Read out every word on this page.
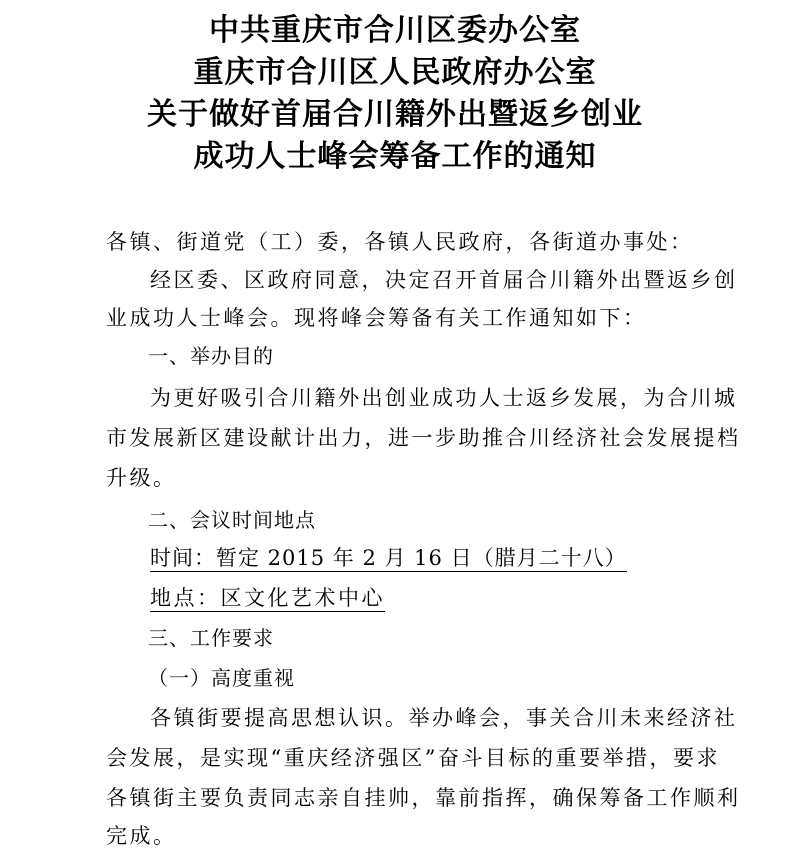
中共重庆市合川区委办公室
重庆市合川区人民政府办公室
关于做好首届合川籍外出暨返乡创业
成功人士峰会筹备工作的通知
各镇、街道党（工）委，各镇人民政府，各街道办事处：
经区委、区政府同意，决定召开首届合川籍外出暨返乡创
业成功人士峰会。现将峰会筹备有关工作通知如下：
一、举办目的
为更好吸引合川籍外出创业成功人士返乡发展，为合川城
市发展新区建设献计出力，进一步助推合川经济社会发展提档
升级。
二、会议时间地点
时间：暂定 2015 年 2 月 16 日（腊月二十八）
地点：区文化艺术中心
三、工作要求
（一）高度重视
各镇街要提高思想认识。举办峰会，事关合川未来经济社
会发展，是实现“重庆经济强区”奋斗目标的重要举措，要求
各镇街主要负责同志亲自挂帅，靠前指挥，确保筹备工作顺利
完成。
